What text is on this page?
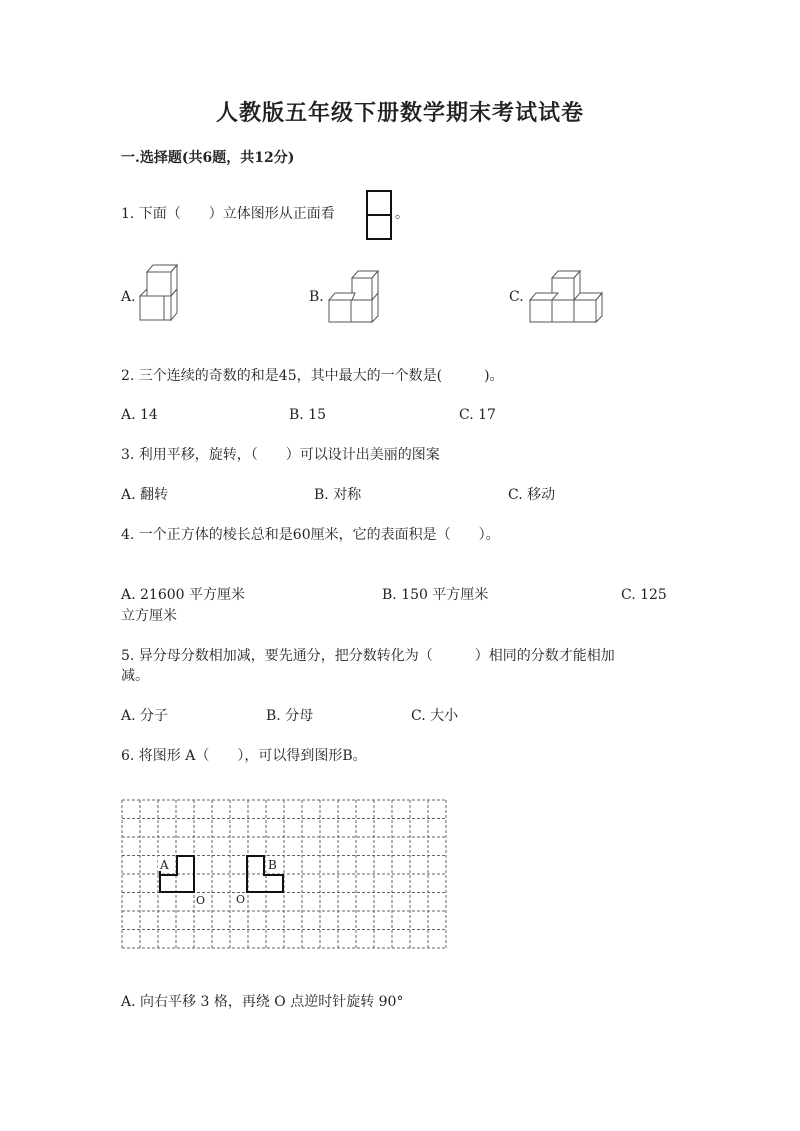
人教版五年级下册数学期末考试试卷
一.选择题(共6题，共12分)
1. 下面（　　）立体图形从正面看	。
A.	B.	C.
2. 三个连续的奇数的和是45，其中最大的一个数是(　　　)。
A. 14	B. 15	C. 17
3. 利用平移，旋转，（　　）可以设计出美丽的图案
A. 翻转	B. 对称	C. 移动
4. 一个正方体的棱长总和是60厘米，它的表面积是（　　）。
A. 21600 平方厘米	B. 150 平方厘米	C. 125
立方厘米
5. 异分母分数相加减，要先通分，把分数转化为（　　　）相同的分数才能相加
减。
A. 分子	B. 分母	C. 大小
6. 将图形 A（　　），可以得到图形B。
A	B
O	O
A. 向右平移 3 格，再绕 O 点逆时针旋转 90°
